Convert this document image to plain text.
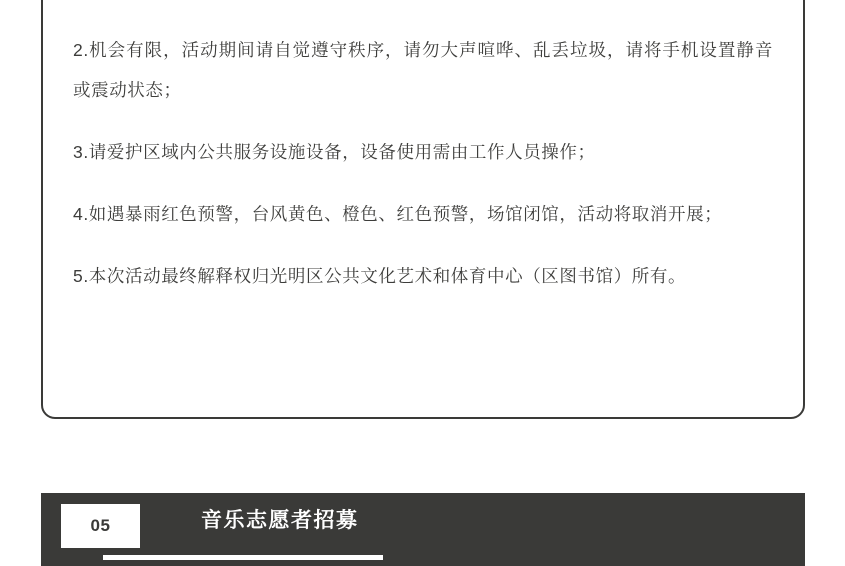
2.机会有限，活动期间请自觉遵守秩序，请勿大声喧哗、乱丢垃圾，请将手机设置静音或震动状态；
3.请爱护区域内公共服务设施设备，设备使用需由工作人员操作；
4.如遇暴雨红色预警，台风黄色、橙色、红色预警，场馆闭馆，活动将取消开展；
5.本次活动最终解释权归光明区公共文化艺术和体育中心（区图书馆）所有。
05	音乐志愿者招募
